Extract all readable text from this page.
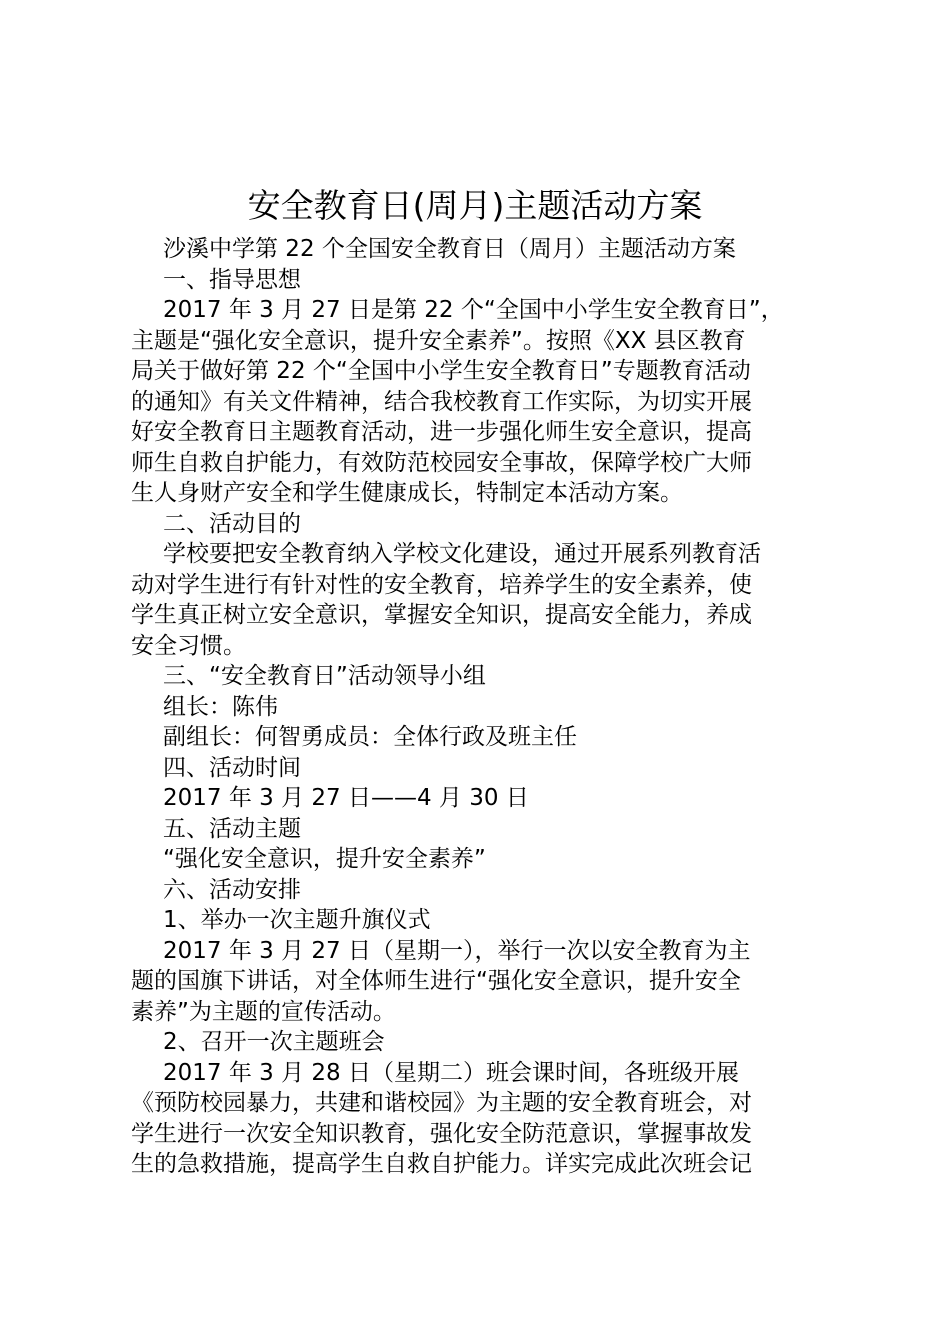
安全教育日(周月)主题活动方案
沙溪中学第 22 个全国安全教育日（周月）主题活动方案
一、指导思想
2017 年 3 月 27 日是第 22 个“全国中小学生安全教育日”，
主题是“强化安全意识，提升安全素养”。按照《XX 县区教育
局关于做好第 22 个“全国中小学生安全教育日”专题教育活动
的通知》有关文件精神，结合我校教育工作实际，为切实开展
好安全教育日主题教育活动，进一步强化师生安全意识，提高
师生自救自护能力，有效防范校园安全事故，保障学校广大师
生人身财产安全和学生健康成长，特制定本活动方案。
二、活动目的
学校要把安全教育纳入学校文化建设，通过开展系列教育活
动对学生进行有针对性的安全教育，培养学生的安全素养，使
学生真正树立安全意识，掌握安全知识，提高安全能力，养成
安全习惯。
三、“安全教育日”活动领导小组
组长：陈伟
副组长：何智勇成员：全体行政及班主任
四、活动时间
2017 年 3 月 27 日——4 月 30 日
五、活动主题
“强化安全意识，提升安全素养”
六、活动安排
1、举办一次主题升旗仪式
2017 年 3 月 27 日（星期一），举行一次以安全教育为主
题的国旗下讲话，对全体师生进行“强化安全意识，提升安全
素养”为主题的宣传活动。
2、召开一次主题班会
2017 年 3 月 28 日（星期二）班会课时间，各班级开展
《预防校园暴力，共建和谐校园》为主题的安全教育班会，对
学生进行一次安全知识教育，强化安全防范意识，掌握事故发
生的急救措施，提高学生自救自护能力。详实完成此次班会记
